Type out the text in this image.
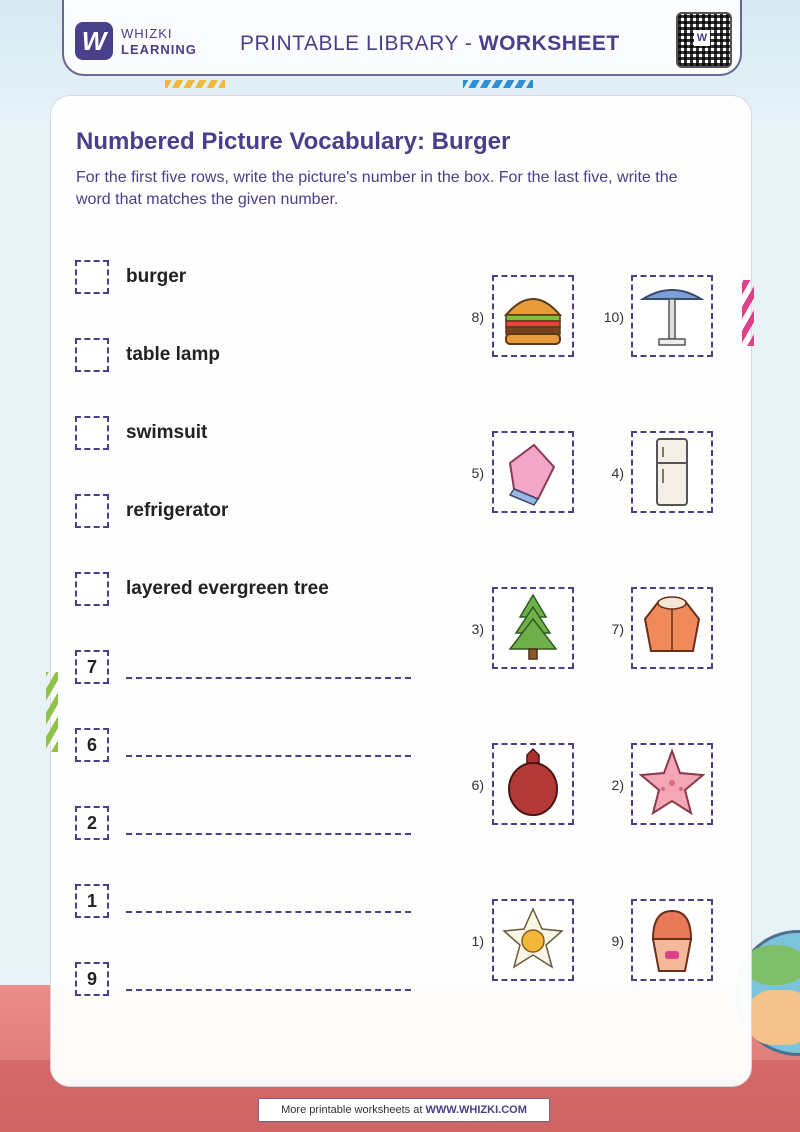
W	WHIZKI
LEARNING PRINTABLE LIBRARY - WORKSHEET	W
Numbered Picture Vocabulary: Burger
For the first five rows, write the picture's number in the box. For the last five, write the word that matches the given number.
burger
table lamp
swimsuit
refrigerator
layered evergreen tree
7
6
2
1
9
8)	10)
5)	4)
3)	7)
6)	2)
1)	9)
More printable worksheets at WWW.WHIZKI.COM
